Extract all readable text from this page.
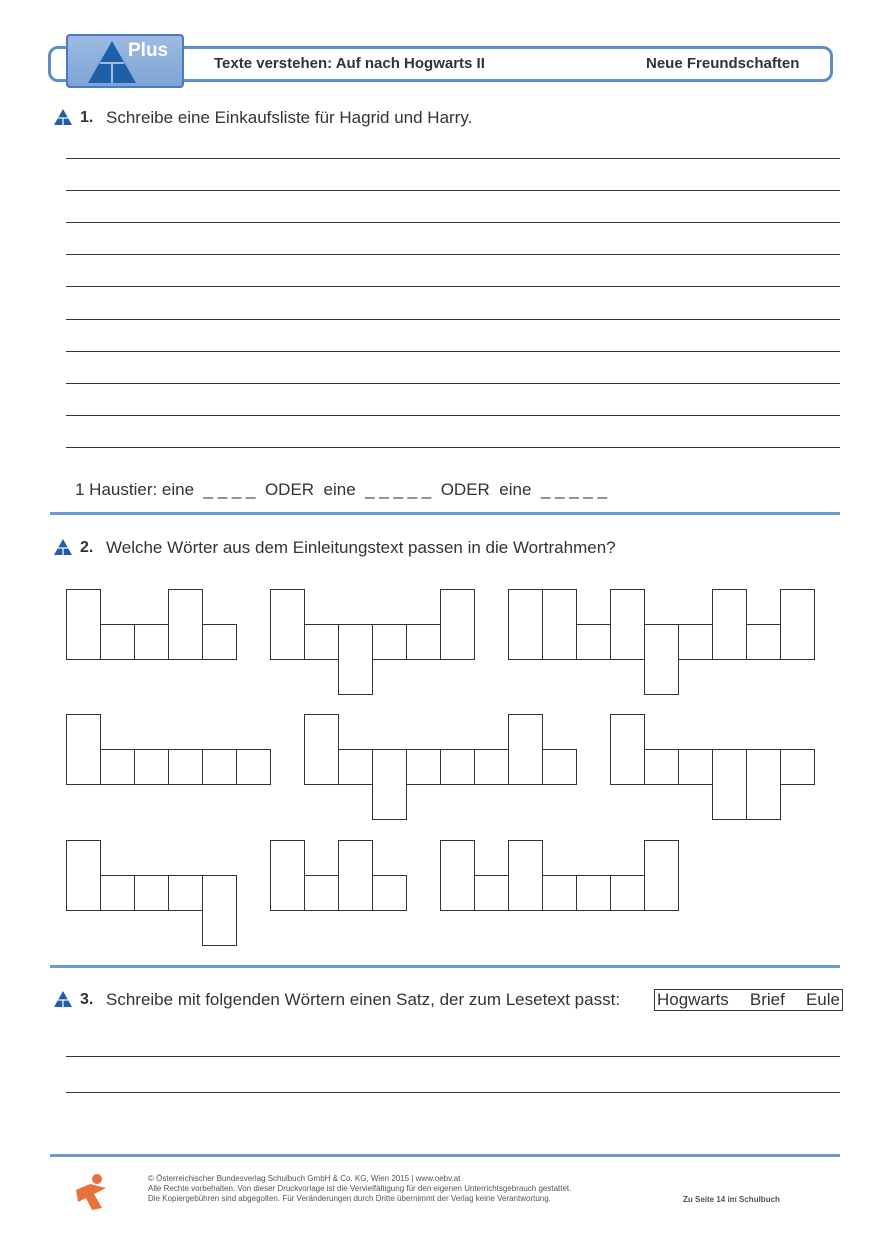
Plus
Texte verstehen: Auf nach Hogwarts II	Neue Freundschaften
1. Schreibe eine Einkaufsliste für Hagrid und Harry.
1 Haustier: eine  _ _ _ _  ODER  eine  _ _ _ _ _  ODER  eine  _ _ _ _ _
2. Welche Wörter aus dem Einleitungstext passen in die Wortrahmen?
3. Schreibe mit folgenden Wörtern einen Satz, der zum Lesetext passt: Hogwarts Brief Eule
© Österreichischer Bundesverlag Schulbuch GmbH & Co. KG, Wien 2015 | www.oebv.at
Alle Rechte vorbehalten. Von dieser Druckvorlage ist die Vervielfältigung für den eigenen Unterrichtsgebrauch gestattet.
Die Kopiergebühren sind abgegolten. Für Veränderungen durch Dritte übernimmt der Verlag keine Verantwortung.	Zu Seite 14 im Schulbuch
